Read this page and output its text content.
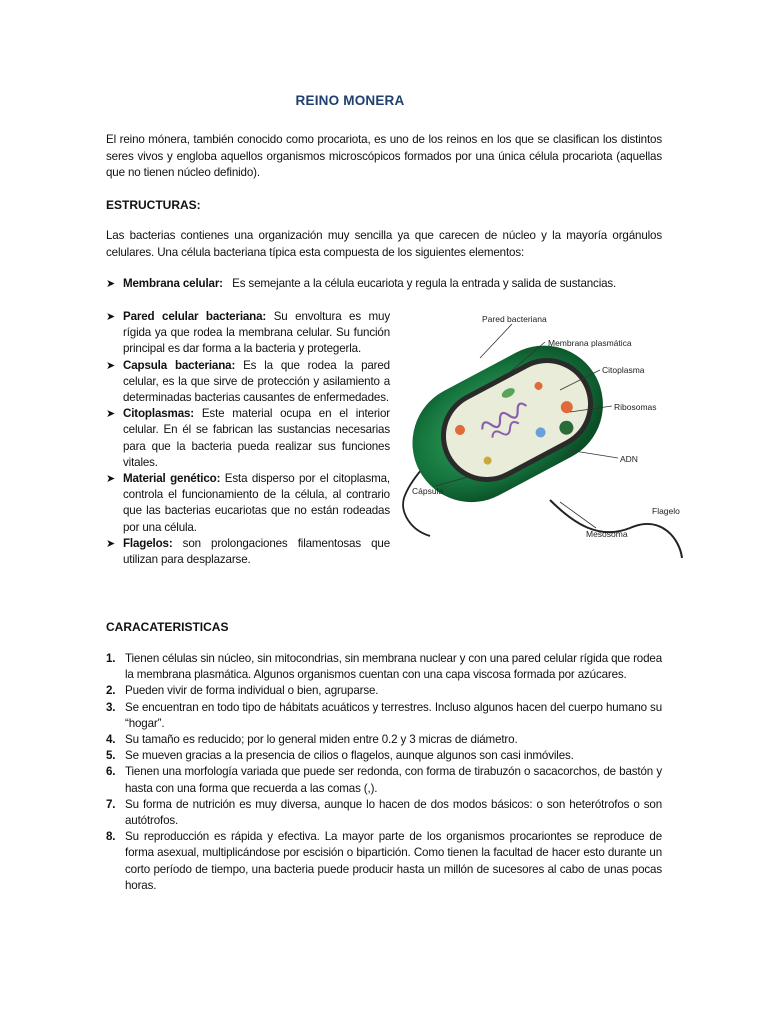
REINO MONERA
El reino mónera, también conocido como procariota, es uno de los reinos en los que se clasifican los distintos seres vivos y engloba aquellos organismos microscópicos formados por una única célula procariota (aquellas que no tienen núcleo definido).
ESTRUCTURAS:
Las bacterias contienes una organización muy sencilla ya que carecen de núcleo y la mayoría orgánulos celulares. Una célula bacteriana típica esta compuesta de los siguientes elementos:
➤ Membrana celular: Es semejante a la célula eucariota y regula la entrada y salida de sustancias.

➤ Pared celular bacteriana: Su envoltura es muy rígida ya que rodea la membrana celular. Su función principal es dar forma a la bacteria y protegerla.

➤ Capsula bacteriana: Es la que rodea la pared celular, es la que sirve de protección y asilamiento a determinadas bacterias causantes de enfermedades.

➤ Citoplasmas: Este material ocupa en el interior celular. En él se fabrican las sustancias necesarias para que la bacteria pueda realizar sus funciones vitales.

➤ Material genético: Esta disperso por el citoplasma, controla el funcionamiento de la célula, al contrario que las bacterias eucariotas que no están rodeadas por una célula.

➤ Flagelos: son prolongaciones filamentosas que utilizan para desplazarse.

Pared bacteriana
Membrana plasmática
Citoplasma
Ribosomas
ADN
Cápsula
Flagelo
Mesosoma
CARACATERISTICAS

1. Tienen células sin núcleo, sin mitocondrias, sin membrana nuclear y con una pared celular rígida que rodea la membrana plasmática. Algunos organismos cuentan con una capa viscosa formada por azúcares.

2. Pueden vivir de forma individual o bien, agruparse.

3. Se encuentran en todo tipo de hábitats acuáticos y terrestres. Incluso algunos hacen del cuerpo humano su “hogar”.

4. Su tamaño es reducido; por lo general miden entre 0.2 y 3 micras de diámetro.

5. Se mueven gracias a la presencia de cilios o flagelos, aunque algunos son casi inmóviles.

6. Tienen una morfología variada que puede ser redonda, con forma de tirabuzón o sacacorchos, de bastón y hasta con una forma que recuerda a las comas (,).

7. Su forma de nutrición es muy diversa, aunque lo hacen de dos modos básicos: o son heterótrofos o son autótrofos.

8. Su reproducción es rápida y efectiva. La mayor parte de los organismos procariontes se reproduce de forma asexual, multiplicándose por escisión o bipartición. Como tienen la facultad de hacer esto durante un corto período de tiempo, una bacteria puede producir hasta un millón de sucesores al cabo de unas pocas horas.
